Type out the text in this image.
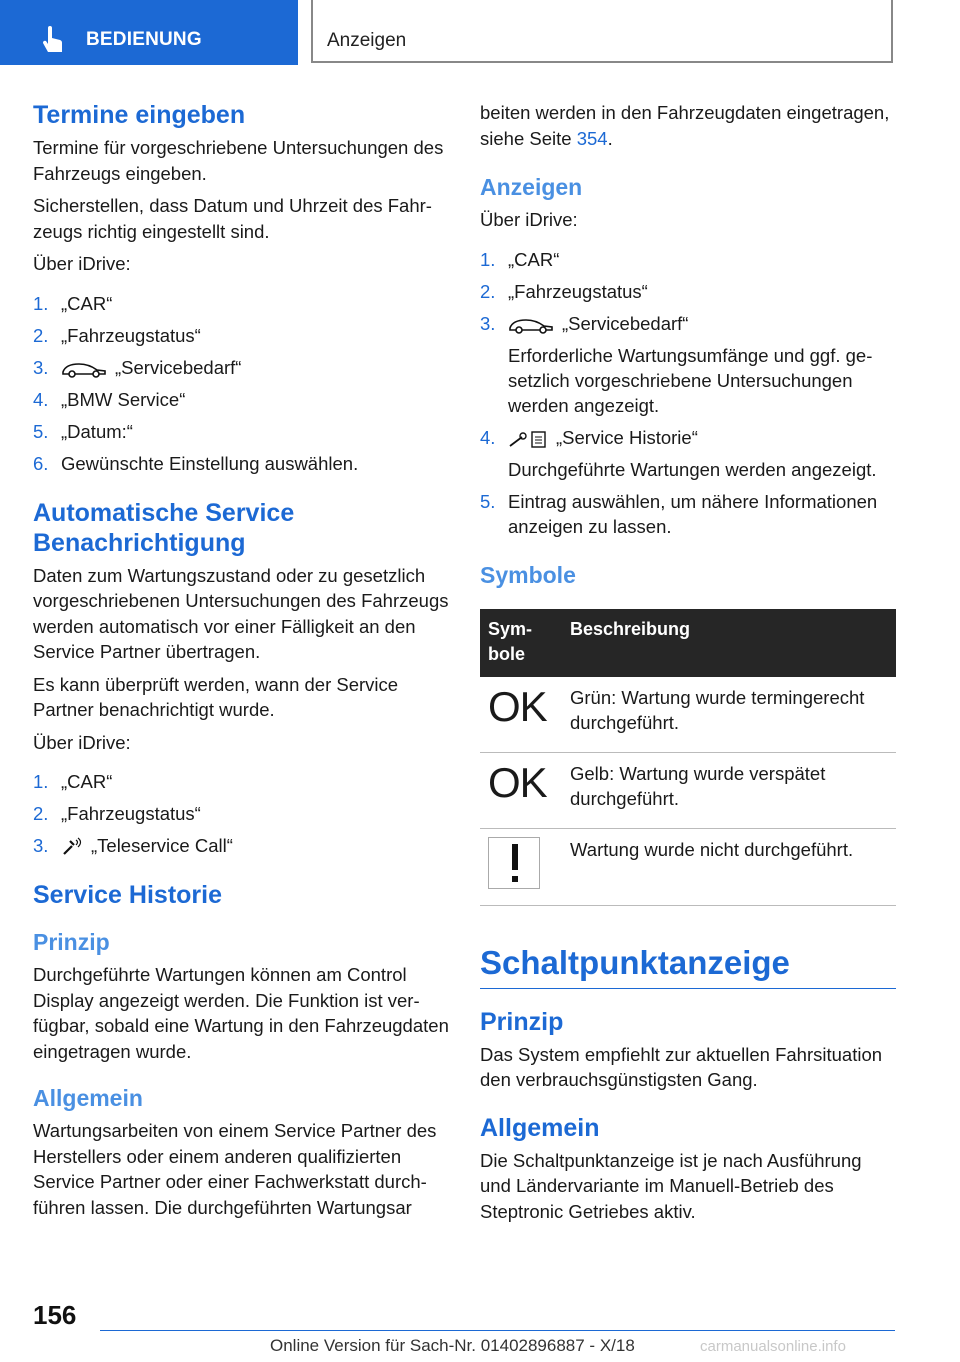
BEDIENUNG	Anzeigen
Termine eingeben

Termine für vorgeschriebene Untersuchungen des Fahrzeugs eingeben.

Sicherstellen, dass Datum und Uhrzeit des Fahrzeugs richtig eingestellt sind.

Über iDrive:

1. „CAR“
2. „Fahrzeugstatus“
3.	„Servicebedarf“
4. „BMW Service“
5. „Datum:“
6. Gewünschte Einstellung auswählen.
Automatische Service Benachrichtigung

Daten zum Wartungszustand oder zu gesetzlich vorgeschriebenen Untersuchungen des Fahrzeugs werden automatisch vor einer Fälligkeit an den Service Partner übertragen.

Es kann überprüft werden, wann der Service Partner benachrichtigt wurde.

Über iDrive:

1. „CAR“
2. „Fahrzeugstatus“
3. „Teleservice Call“
Service Historie
Prinzip

Durchgeführte Wartungen können am Control Display angezeigt werden. Die Funktion ist verfügbar, sobald eine Wartung in den Fahrzeugdaten eingetragen wurde.

Allgemein

Wartungsarbeiten von einem Service Partner des Herstellers oder einem anderen qualifizierten Service Partner oder einer Fachwerkstatt durchführen lassen. Die durchgeführten Wartungsar

beiten werden in den Fahrzeugdaten eingetragen, siehe Seite 354.

Anzeigen

Über iDrive:

1. „CAR“
2. „Fahrzeugstatus“
3.	„Servicebedarf“
Erforderliche Wartungsumfänge und ggf. gesetzlich vorgeschriebene Untersuchungen werden angezeigt.
4.	„Service Historie“
Durchgeführte Wartungen werden angezeigt.
5. Eintrag auswählen, um nähere Informationen anzeigen zu lassen.
Symbole
Symbole	Beschreibung
OK	Grün: Wartung wurde termingerecht durchgeführt.
OK	Gelb: Wartung wurde verspätet durchgeführt.

	Wartung wurde nicht durchgeführt.
Schaltpunktanzeige
Prinzip

Das System empfiehlt zur aktuellen Fahrsituation den verbrauchsgünstigsten Gang.

Allgemein

Die Schaltpunktanzeige ist je nach Ausführung und Ländervariante im Manuell-Betrieb des Steptronic Getriebes aktiv.

156
Online Version für Sach-Nr. 01402896887 - X/18	carmanualsonline.info
